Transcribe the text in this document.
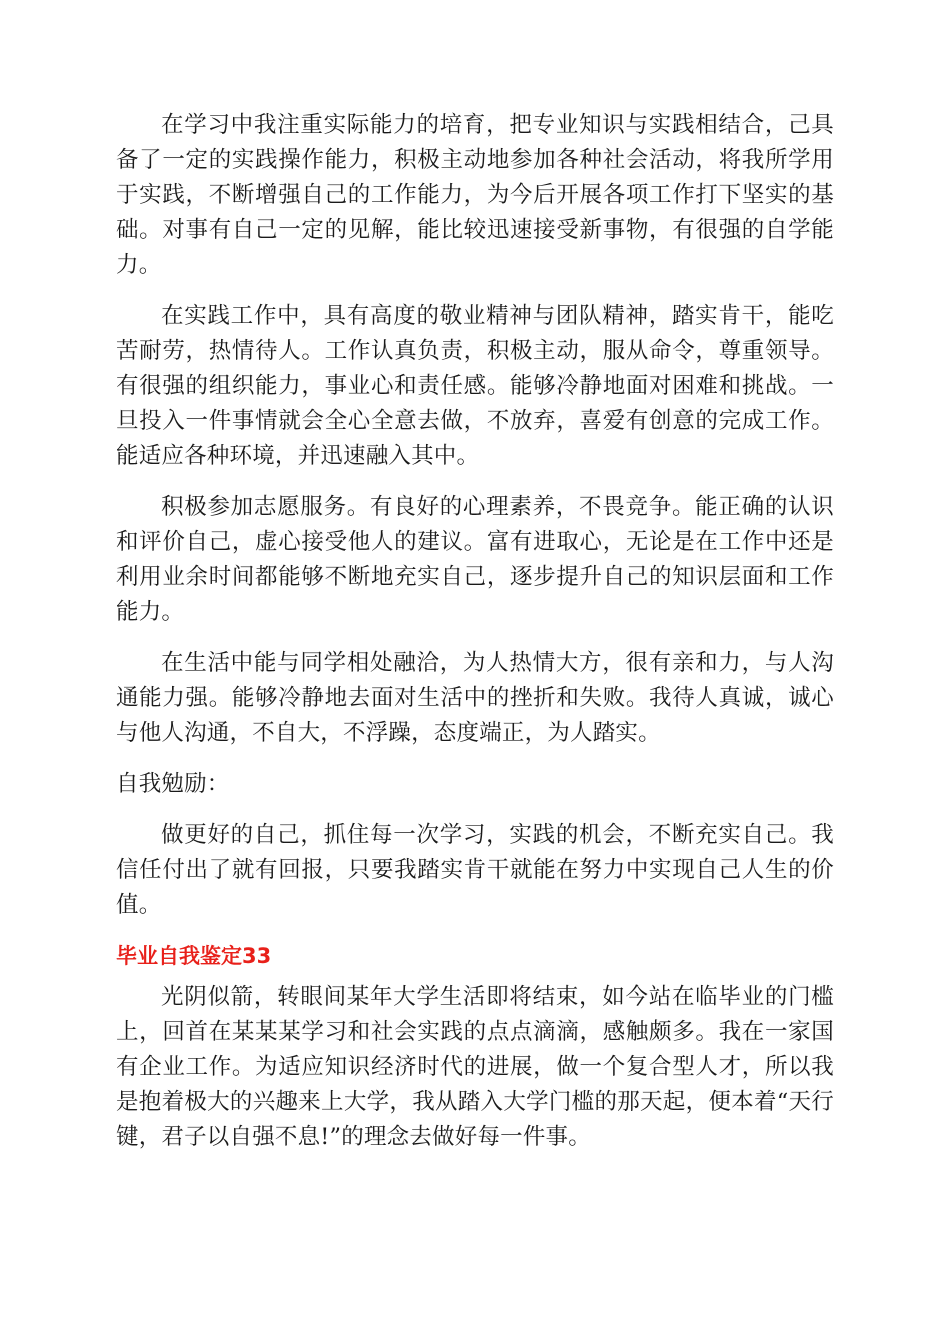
在学习中我注重实际能力的培育，把专业知识与实践相结合，己具备了一定的实践操作能力，积极主动地参加各种社会活动，将我所学用于实践，不断增强自己的工作能力，为今后开展各项工作打下坚实的基础。对事有自己一定的见解，能比较迅速接受新事物，有很强的自学能力。

在实践工作中，具有高度的敬业精神与团队精神，踏实肯干，能吃苦耐劳，热情待人。工作认真负责，积极主动，服从命令，尊重领导。有很强的组织能力，事业心和责任感。能够冷静地面对困难和挑战。一旦投入一件事情就会全心全意去做，不放弃，喜爱有创意的完成工作。能适应各种环境，并迅速融入其中。

积极参加志愿服务。有良好的心理素养，不畏竞争。能正确的认识和评价自己，虚心接受他人的建议。富有进取心，无论是在工作中还是利用业余时间都能够不断地充实自己，逐步提升自己的知识层面和工作能力。

在生活中能与同学相处融洽，为人热情大方，很有亲和力，与人沟通能力强。能够冷静地去面对生活中的挫折和失败。我待人真诚，诚心与他人沟通，不自大，不浮躁，态度端正，为人踏实。

自我勉励：

做更好的自己，抓住每一次学习，实践的机会，不断充实自己。我信任付出了就有回报，只要我踏实肯干就能在努力中实现自己人生的价值。

毕业自我鉴定33

光阴似箭，转眼间某年大学生活即将结束，如今站在临毕业的门槛上，回首在某某某学习和社会实践的点点滴滴，感触颇多。我在一家国有企业工作。为适应知识经济时代的进展，做一个复合型人才，所以我是抱着极大的兴趣来上大学，我从踏入大学门槛的那天起，便本着“天行键，君子以自强不息!”的理念去做好每一件事。
